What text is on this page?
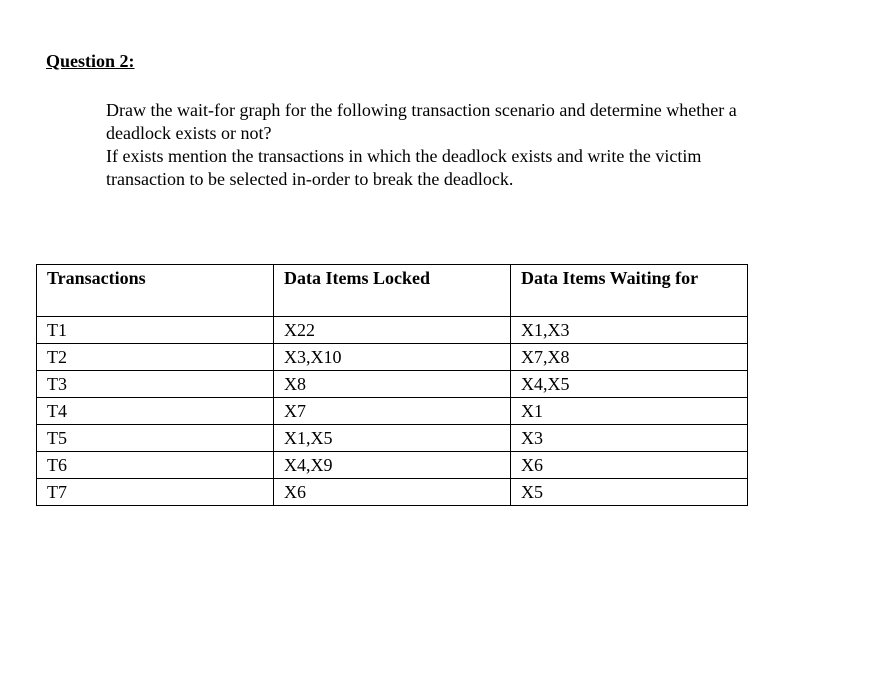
Question 2:

Draw the wait-for graph for the following transaction scenario and determine whether a deadlock exists or not?

If exists mention the transactions in which the deadlock exists and write the victim transaction to be selected in-order to break the deadlock.

Transactions	Data Items Locked	Data Items Waiting for
T1	X22	X1,X3
T2	X3,X10	X7,X8
T3	X8	X4,X5
T4	X7	X1
T5	X1,X5	X3
T6	X4,X9	X6
T7	X6	X5
